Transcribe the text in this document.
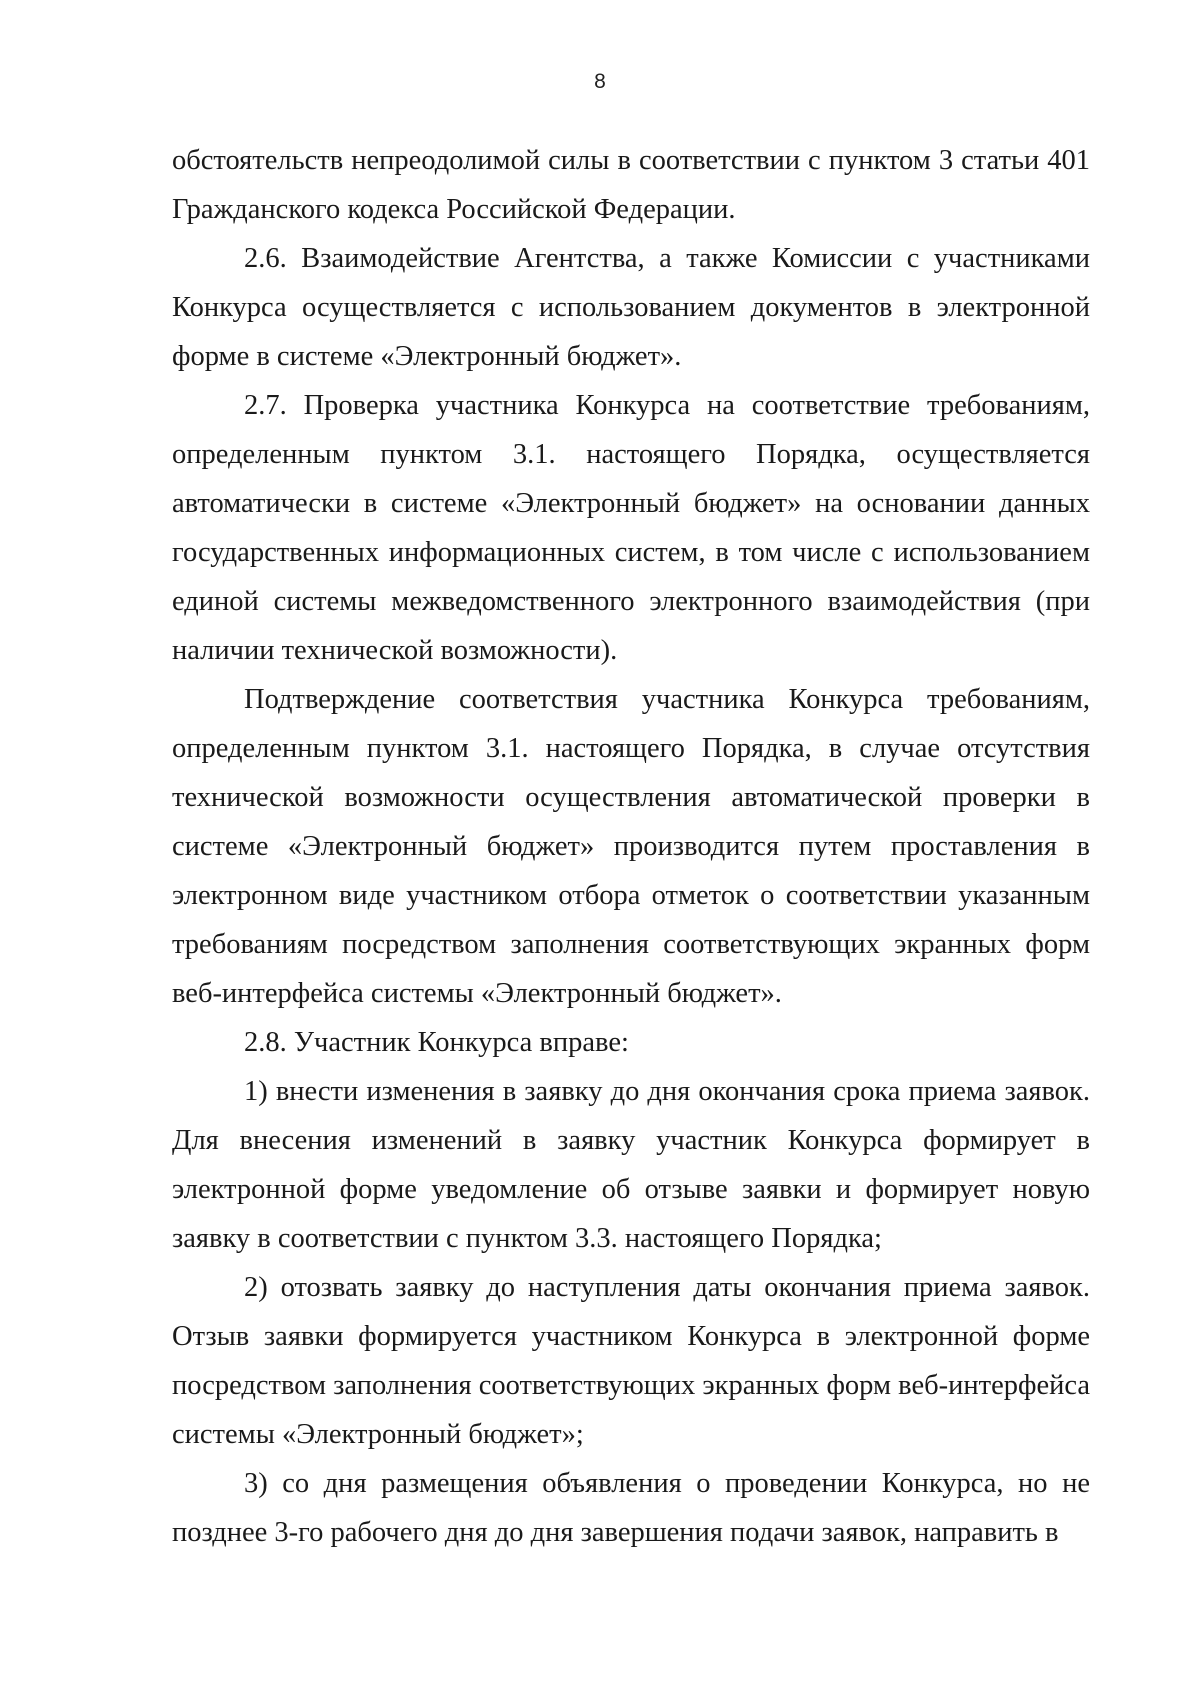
8

обстоятельств непреодолимой силы в соответствии с пунктом 3 статьи 401 Гражданского кодекса Российской Федерации.

2.6. Взаимодействие Агентства, а также Комиссии с участниками Конкурса осуществляется с использованием документов в электронной форме в системе «Электронный бюджет».

2.7. Проверка участника Конкурса на соответствие требованиям, определенным пунктом 3.1. настоящего Порядка, осуществляется автоматически в системе «Электронный бюджет» на основании данных государственных информационных систем, в том числе с использованием единой системы межведомственного электронного взаимодействия (при наличии технической возможности).

Подтверждение соответствия участника Конкурса требованиям, определенным пунктом 3.1. настоящего Порядка, в случае отсутствия технической возможности осуществления автоматической проверки в системе «Электронный бюджет» производится путем проставления в электронном виде участником отбора отметок о соответствии указанным требованиям посредством заполнения соответствующих экранных форм веб-интерфейса системы «Электронный бюджет».

2.8. Участник Конкурса вправе:

1) внести изменения в заявку до дня окончания срока приема заявок. Для внесения изменений в заявку участник Конкурса формирует в электронной форме уведомление об отзыве заявки и формирует новую заявку в соответствии с пунктом 3.3. настоящего Порядка;

2) отозвать заявку до наступления даты окончания приема заявок. Отзыв заявки формируется участником Конкурса в электронной форме посредством заполнения соответствующих экранных форм веб-интерфейса системы «Электронный бюджет»;

3) со дня размещения объявления о проведении Конкурса, но не позднее 3-го рабочего дня до дня завершения подачи заявок, направить в
